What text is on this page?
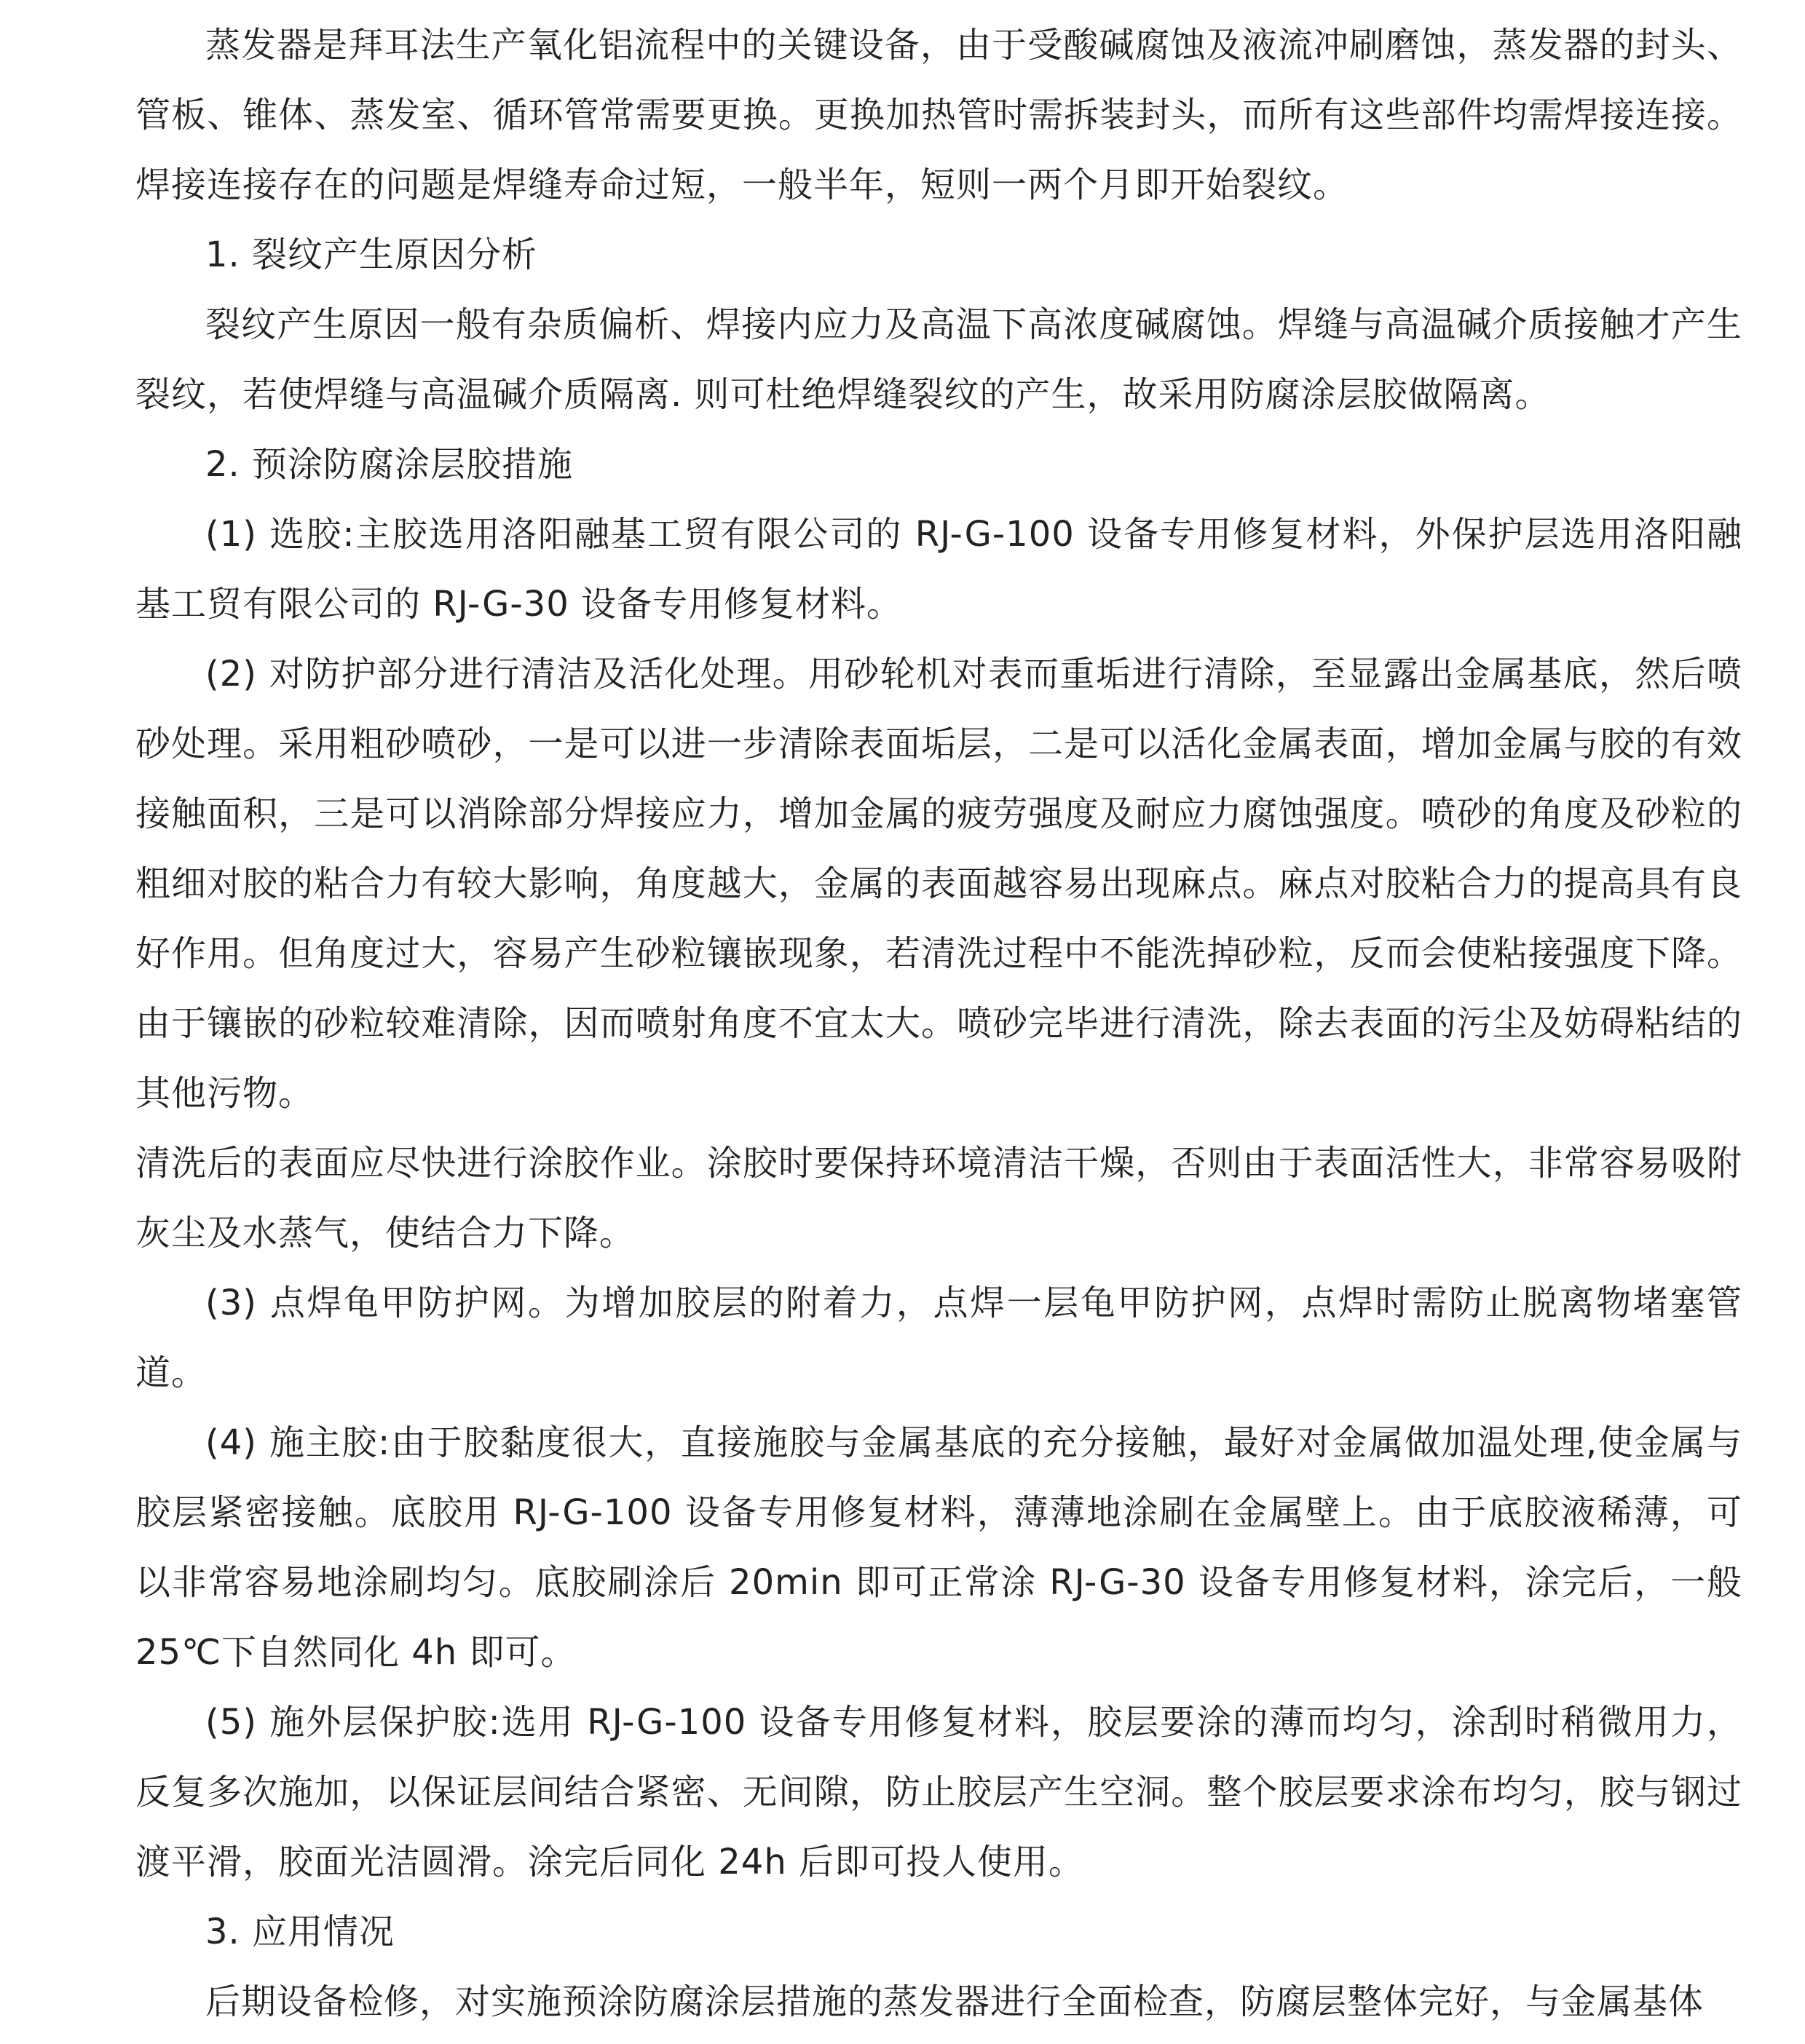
蒸发器是拜耳法生产氧化铝流程中的关键设备，由于受酸碱腐蚀及液流冲刷磨蚀，蒸发器的封头、管板、锥体、蒸发室、循环管常需要更换。更换加热管时需拆装封头，而所有这些部件均需焊接连接。焊接连接存在的问题是焊缝寿命过短，一般半年，短则一两个月即开始裂纹。

1. 裂纹产生原因分析

裂纹产生原因一般有杂质偏析、焊接内应力及高温下高浓度碱腐蚀。焊缝与高温碱介质接触才产生裂纹，若使焊缝与高温碱介质隔离. 则可杜绝焊缝裂纹的产生，故采用防腐涂层胶做隔离。

2. 预涂防腐涂层胶措施

(1) 选胶:主胶选用洛阳融基工贸有限公司的 RJ-G-100 设备专用修复材料，外保护层选用洛阳融基工贸有限公司的 RJ-G-30 设备专用修复材料。

(2) 对防护部分进行清洁及活化处理。用砂轮机对表而重垢进行清除，至显露出金属基底，然后喷砂处理。采用粗砂喷砂，一是可以进一步清除表面垢层，二是可以活化金属表面，增加金属与胶的有效接触面积，三是可以消除部分焊接应力，增加金属的疲劳强度及耐应力腐蚀强度。喷砂的角度及砂粒的粗细对胶的粘合力有较大影响，角度越大，金属的表面越容易出现麻点。麻点对胶粘合力的提高具有良好作用。但角度过大，容易产生砂粒镶嵌现象，若清洗过程中不能洗掉砂粒，反而会使粘接强度下降。由于镶嵌的砂粒较难清除，因而喷射角度不宜太大。喷砂完毕进行清洗，除去表面的污尘及妨碍粘结的其他污物。

清洗后的表面应尽快进行涂胶作业。涂胶时要保持环境清洁干燥，否则由于表面活性大，非常容易吸附灰尘及水蒸气，使结合力下降。

(3) 点焊龟甲防护网。为增加胶层的附着力，点焊一层龟甲防护网，点焊时需防止脱离物堵塞管道。

(4) 施主胶:由于胶黏度很大，直接施胶与金属基底的充分接触，最好对金属做加温处理,使金属与胶层紧密接触。底胶用 RJ-G-100 设备专用修复材料，薄薄地涂刷在金属壁上。由于底胶液稀薄，可以非常容易地涂刷均匀。底胶刷涂后 20min 即可正常涂 RJ-G-30 设备专用修复材料，涂完后，一般 25℃下自然同化 4h 即可。

(5) 施外层保护胶:选用 RJ-G-100 设备专用修复材料，胶层要涂的薄而均匀，涂刮时稍微用力，反复多次施加，以保证层间结合紧密、无间隙，防止胶层产生空洞。整个胶层要求涂布均匀，胶与钢过渡平滑，胶面光洁圆滑。涂完后同化 24h 后即可投人使用。

3. 应用情况

后期设备检修，对实施预涂防腐涂层措施的蒸发器进行全面检查，防腐层整体完好，与金属基体
